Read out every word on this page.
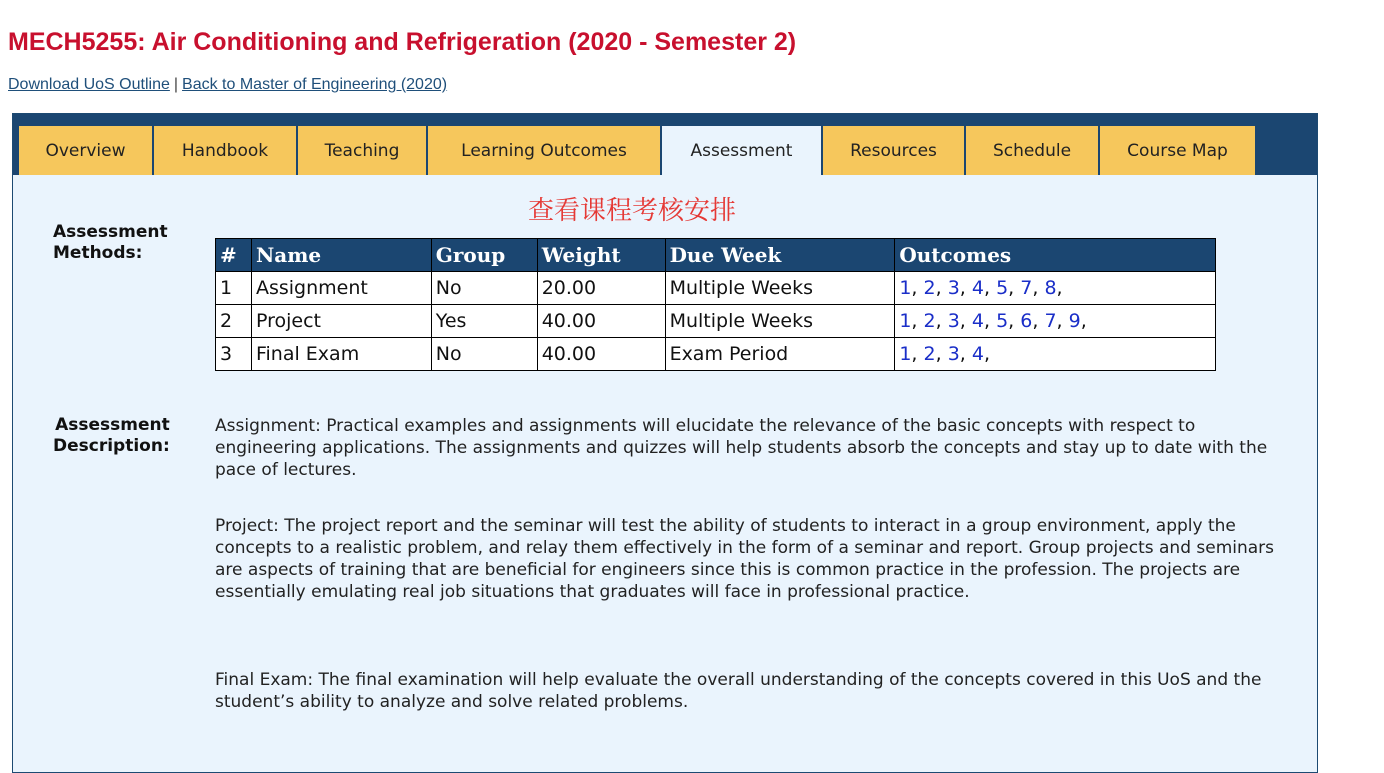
MECH5255: Air Conditioning and Refrigeration (2020 - Semester 2)
Download UoS Outline | Back to Master of Engineering (2020)
Overview	Handbook	Teaching	Learning Outcomes	Assessment	Resources	Schedule	Course Map
查看课程考核安排
Assessment
Methods:	#	Name	Group	Weight	Due Week	Outcomes
1	Assignment	No	20.00	Multiple Weeks	1, 2, 3, 4, 5, 7, 8,
2	Project	Yes	40.00	Multiple Weeks	1, 2, 3, 4, 5, 6, 7, 9,
3	Final Exam	No	40.00	Exam Period	1, 2, 3, 4,
Assessment
Description:

Assignment: Practical examples and assignments will elucidate the relevance of the basic concepts with respect to engineering applications. The assignments and quizzes will help students absorb the concepts and stay up to date with the pace of lectures.

Project: The project report and the seminar will test the ability of students to interact in a group environment, apply the concepts to a realistic problem, and relay them effectively in the form of a seminar and report. Group projects and seminars are aspects of training that are beneficial for engineers since this is common practice in the profession. The projects are essentially emulating real job situations that graduates will face in professional practice.

Final Exam: The final examination will help evaluate the overall understanding of the concepts covered in this UoS and the student’s ability to analyze and solve related problems.
